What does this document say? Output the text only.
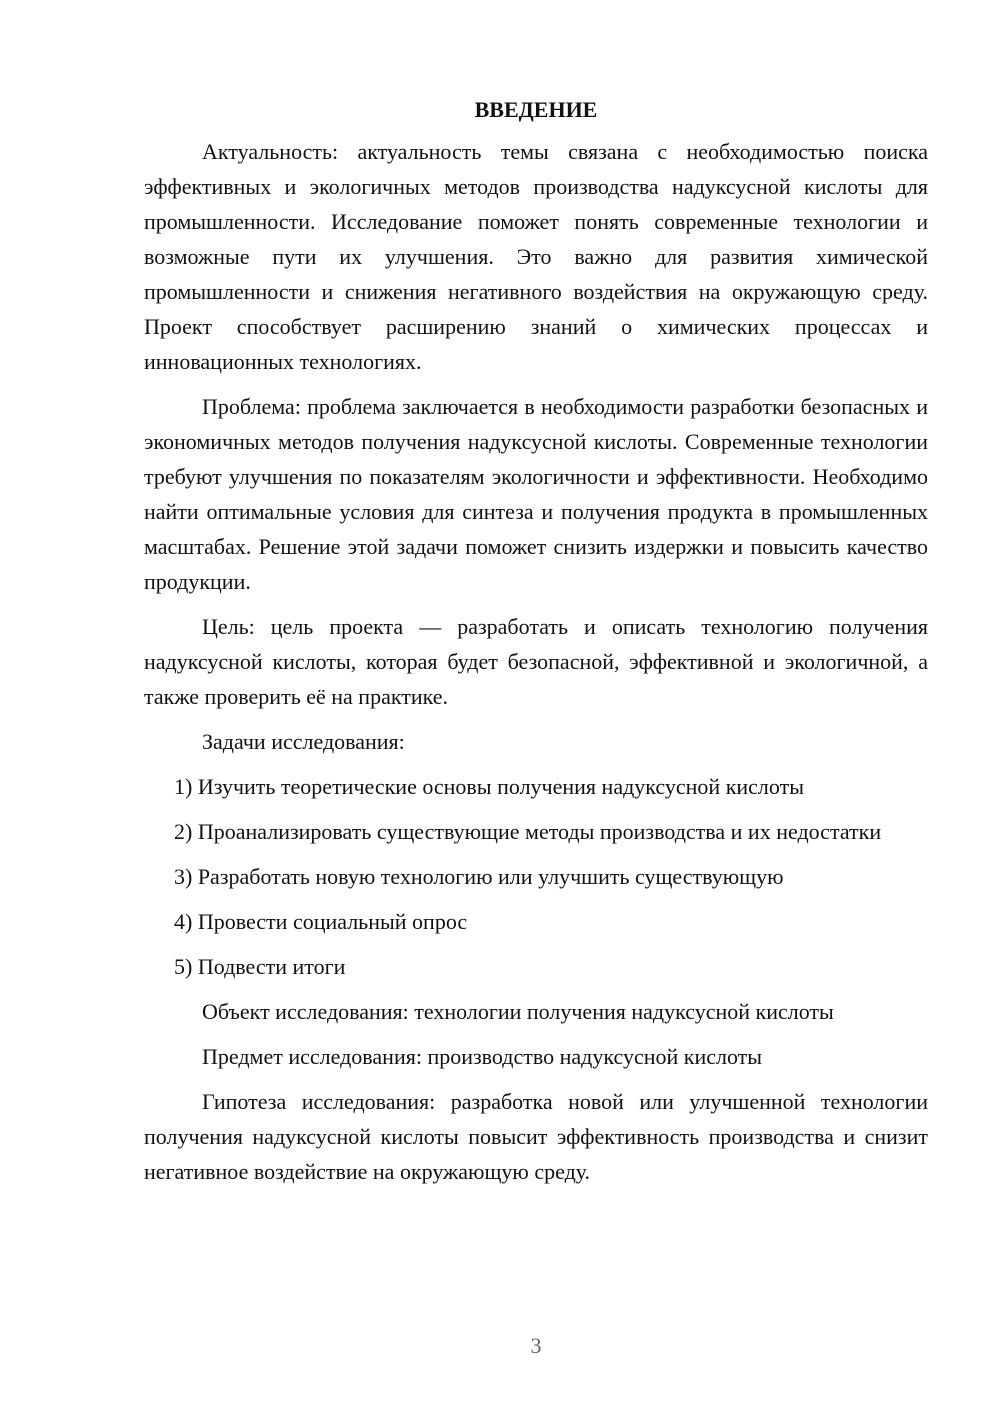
ВВЕДЕНИЕ

Актуальность: актуальность темы связана с необходимостью поиска эффективных и экологичных методов производства надуксусной кислоты для промышленности. Исследование поможет понять современные технологии и возможные пути их улучшения. Это важно для развития химической промышленности и снижения негативного воздействия на окружающую среду. Проект способствует расширению знаний о химических процессах и инновационных технологиях.

Проблема: проблема заключается в необходимости разработки безопасных и экономичных методов получения надуксусной кислоты. Современные технологии требуют улучшения по показателям экологичности и эффективности. Необходимо найти оптимальные условия для синтеза и получения продукта в промышленных масштабах. Решение этой задачи поможет снизить издержки и повысить качество продукции.

Цель: цель проекта — разработать и описать технологию получения надуксусной кислоты, которая будет безопасной, эффективной и экологичной, а также проверить её на практике.

Задачи исследования:

1) Изучить теоретические основы получения надуксусной кислоты

2) Проанализировать существующие методы производства и их недостатки

3) Разработать новую технологию или улучшить существующую

4) Провести социальный опрос

5) Подвести итоги

Объект исследования: технологии получения надуксусной кислоты

Предмет исследования: производство надуксусной кислоты

Гипотеза исследования: разработка новой или улучшенной технологии получения надуксусной кислоты повысит эффективность производства и снизит негативное воздействие на окружающую среду.

3
